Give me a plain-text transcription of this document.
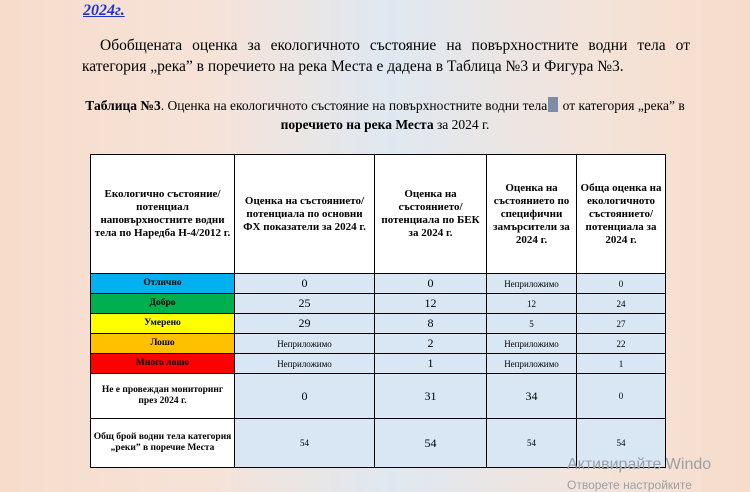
2024г.

Обобщената оценка за екологичното състояние на повърхностните водни тела от категория „река” в поречието на река Места е дадена в Таблица №3 и Фигура №3.

Таблица №3. Оценка на екологичното състояние на повърхностните водни тела от категория „река” в поречието на река Места за 2024 г.
Екологично състояние/потенциал наповърхностните водни тела по Наредба Н-4/2012 г.	Оценка на състоянието/ потенциала по основни ФХ показатели за 2024 г.	Оценка на състоянието/ потенциала по БЕК за 2024 г.	Оценка на състоянието по специфични замърсители за 2024 г.	Обща оценка на екологичното състоянието/ потенциала за 2024 г.
Отлично	0	0	Неприложимо	0
Добро	25	12	12	24
Умерено	29	8	5	27
Лошо	Неприложимо	2	Неприложимо	22
Много лошо	Неприложимо	1	Неприложимо	1
Не е провеждан мониторинг през 2024 г.	0	31	34	0
Общ брой водни тела категория „реки” в поречие Места	54	54	54	54
Активирайте Windo
Отворете настройките
